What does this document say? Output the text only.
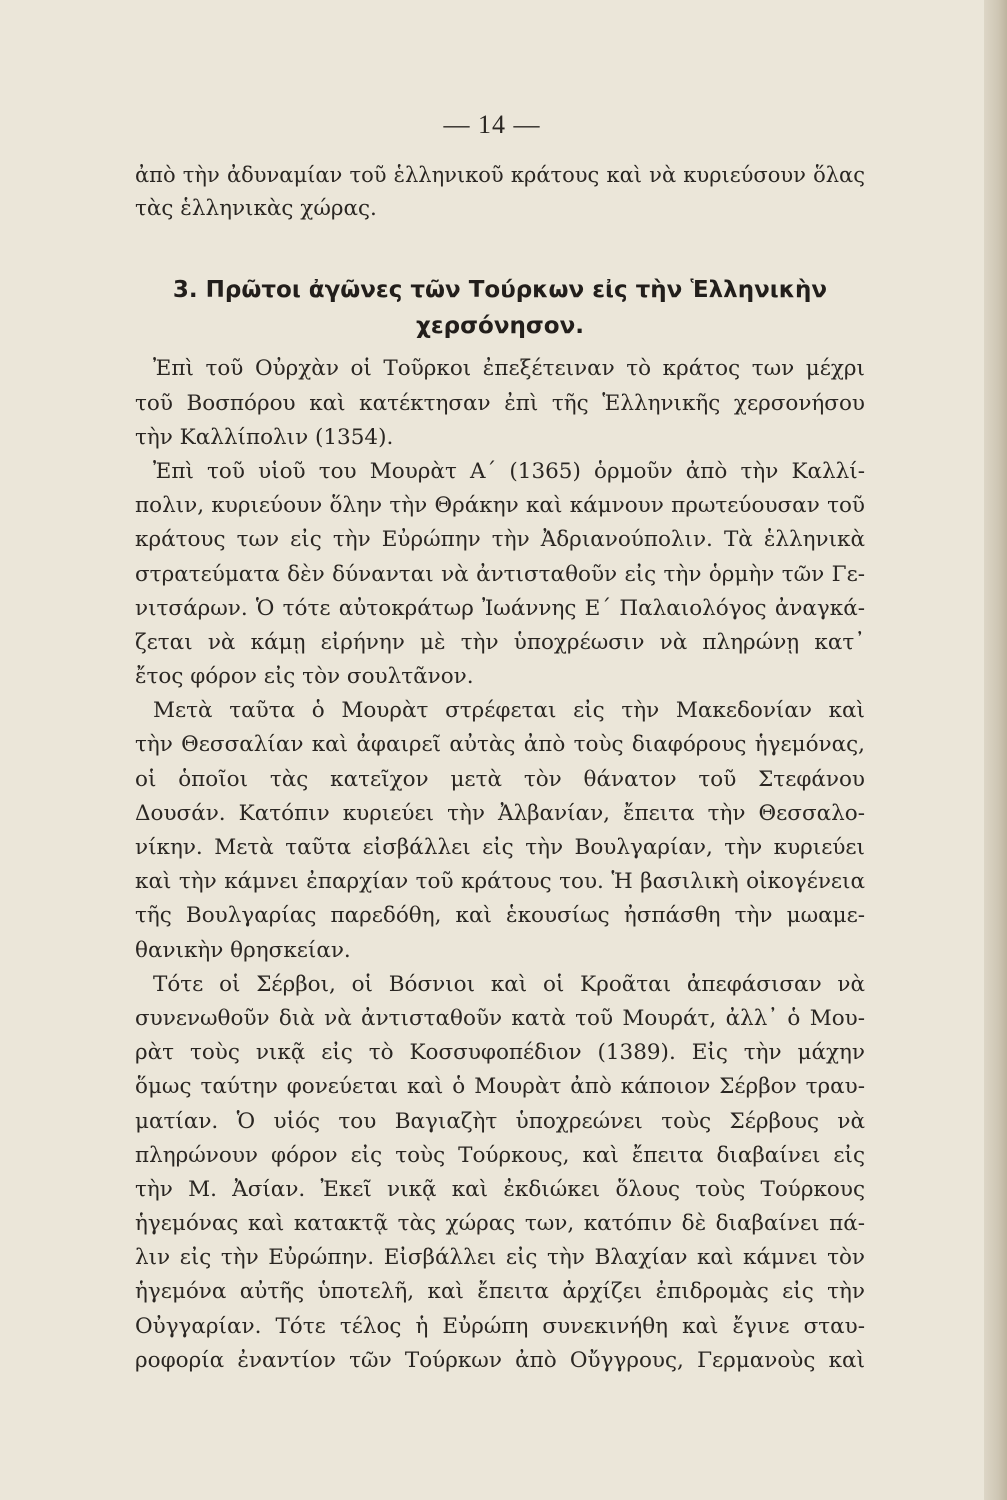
— 14 —
ἀπὸ τὴν ἀδυναμίαν τοῦ ἑλληνικοῦ κράτους καὶ νὰ κυριεύσουν ὅλας
τὰς ἑλληνικὰς χώρας.
3. Πρῶτοι ἀγῶνες τῶν Τούρκων εἰς τὴν Ἑλληνικὴν
χερσόνησον.
Ἐπὶ τοῦ Οὐρχὰν οἱ Τοῦρκοι ἐπεξέτειναν τὸ κράτος των μέχρι
τοῦ Βοσπόρου καὶ κατέκτησαν ἐπὶ τῆς Ἑλληνικῆς χερσονήσου
τὴν Καλλίπολιν (1354).
Ἐπὶ τοῦ υἱοῦ του Μουρὰτ Α΄ (1365) ὁρμοῦν ἀπὸ τὴν Καλλί-
πολιν, κυριεύουν ὅλην τὴν Θράκην καὶ κάμνουν πρωτεύουσαν τοῦ
κράτους των εἰς τὴν Εὐρώπην τὴν Ἀδριανούπολιν. Τὰ ἑλληνικὰ
στρατεύματα δὲν δύνανται νὰ ἀντισταθοῦν εἰς τὴν ὁρμὴν τῶν Γε-
νιτσάρων. Ὁ τότε αὐτοκράτωρ Ἰωάννης Ε΄ Παλαιολόγος ἀναγκά-
ζεται νὰ κάμῃ εἰρήνην μὲ τὴν ὑποχρέωσιν νὰ πληρώνῃ κατ᾽
ἔτος φόρον εἰς τὸν σουλτᾶνον.
Μετὰ ταῦτα ὁ Μουρὰτ στρέφεται εἰς τὴν Μακεδονίαν καὶ
τὴν Θεσσαλίαν καὶ ἀφαιρεῖ αὐτὰς ἀπὸ τοὺς διαφόρους ἡγεμόνας,
οἱ ὁποῖοι τὰς κατεῖχον μετὰ τὸν θάνατον τοῦ Στεφάνου
Δουσάν. Κατόπιν κυριεύει τὴν Ἀλβανίαν, ἔπειτα τὴν Θεσσαλο-
νίκην. Μετὰ ταῦτα εἰσβάλλει εἰς τὴν Βουλγαρίαν, τὴν κυριεύει
καὶ τὴν κάμνει ἐπαρχίαν τοῦ κράτους του. Ἡ βασιλικὴ οἰκογένεια
τῆς Βουλγαρίας παρεδόθη, καὶ ἑκουσίως ἠσπάσθη τὴν μωαμε-
θανικὴν θρησκείαν.
Τότε οἱ Σέρβοι, οἱ Βόσνιοι καὶ οἱ Κροᾶται ἀπεφάσισαν νὰ
συνενωθοῦν διὰ νὰ ἀντισταθοῦν κατὰ τοῦ Μουράτ, ἀλλ᾽ ὁ Μου-
ρὰτ τοὺς νικᾷ εἰς τὸ Κοσσυφοπέδιον (1389). Εἰς τὴν μάχην
ὅμως ταύτην φονεύεται καὶ ὁ Μουρὰτ ἀπὸ κάποιον Σέρβον τραυ-
ματίαν. Ὁ υἱός του Βαγιαζὴτ ὑποχρεώνει τοὺς Σέρβους νὰ
πληρώνουν φόρον εἰς τοὺς Τούρκους, καὶ ἔπειτα διαβαίνει εἰς
τὴν Μ. Ἀσίαν. Ἐκεῖ νικᾷ καὶ ἐκδιώκει ὅλους τοὺς Τούρκους
ἡγεμόνας καὶ κατακτᾷ τὰς χώρας των, κατόπιν δὲ διαβαίνει πά-
λιν εἰς τὴν Εὐρώπην. Εἰσβάλλει εἰς τὴν Βλαχίαν καὶ κάμνει τὸν
ἡγεμόνα αὐτῆς ὑποτελῆ, καὶ ἔπειτα ἀρχίζει ἐπιδρομὰς εἰς τὴν
Οὐγγαρίαν. Τότε τέλος ἡ Εὐρώπη συνεκινήθη καὶ ἔγινε σταυ-
ροφορία ἐναντίον τῶν Τούρκων ἀπὸ Οὔγγρους, Γερμανοὺς καὶ
